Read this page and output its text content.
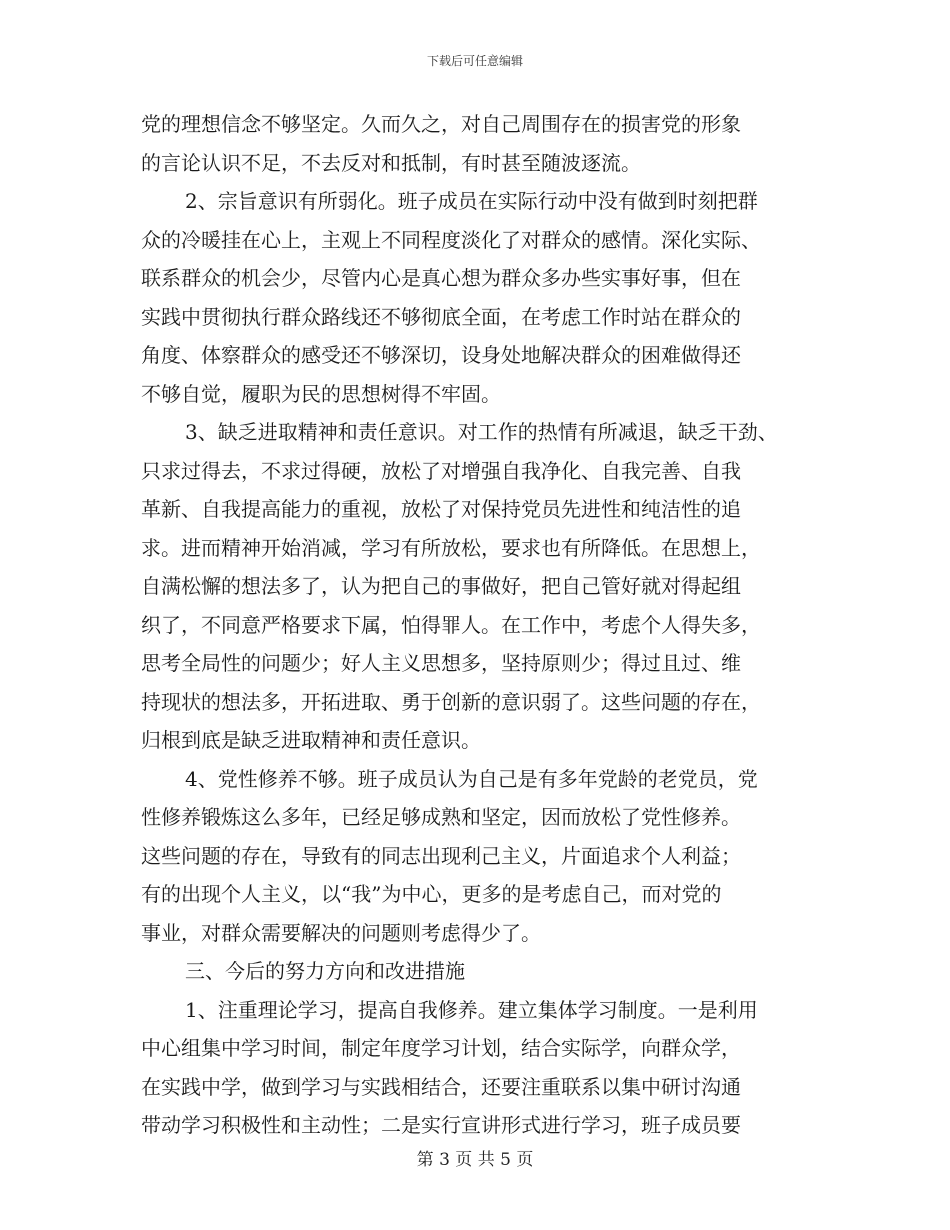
下载后可任意编辑
党的理想信念不够坚定。久而久之，对自己周围存在的损害党的形象
的言论认识不足，不去反对和抵制，有时甚至随波逐流。
2、宗旨意识有所弱化。班子成员在实际行动中没有做到时刻把群
众的冷暖挂在心上，主观上不同程度淡化了对群众的感情。深化实际、
联系群众的机会少，尽管内心是真心想为群众多办些实事好事，但在
实践中贯彻执行群众路线还不够彻底全面，在考虑工作时站在群众的
角度、体察群众的感受还不够深切，设身处地解决群众的困难做得还
不够自觉，履职为民的思想树得不牢固。
3、缺乏进取精神和责任意识。对工作的热情有所减退，缺乏干劲、
只求过得去，不求过得硬，放松了对增强自我净化、自我完善、自我
革新、自我提高能力的重视，放松了对保持党员先进性和纯洁性的追
求。进而精神开始消减，学习有所放松，要求也有所降低。在思想上，
自满松懈的想法多了，认为把自己的事做好，把自己管好就对得起组
织了，不同意严格要求下属，怕得罪人。在工作中，考虑个人得失多，
思考全局性的问题少；好人主义思想多，坚持原则少；得过且过、维
持现状的想法多，开拓进取、勇于创新的意识弱了。这些问题的存在，
归根到底是缺乏进取精神和责任意识。
4、党性修养不够。班子成员认为自己是有多年党龄的老党员，党
性修养锻炼这么多年，已经足够成熟和坚定，因而放松了党性修养。
这些问题的存在，导致有的同志出现利己主义，片面追求个人利益；
有的出现个人主义，以“我”为中心，更多的是考虑自己，而对党的
事业，对群众需要解决的问题则考虑得少了。
三、今后的努力方向和改进措施
1、注重理论学习，提高自我修养。建立集体学习制度。一是利用
中心组集中学习时间，制定年度学习计划，结合实际学，向群众学，
在实践中学，做到学习与实践相结合，还要注重联系以集中研讨沟通
带动学习积极性和主动性；二是实行宣讲形式进行学习，班子成员要
第 3 页 共 5 页
